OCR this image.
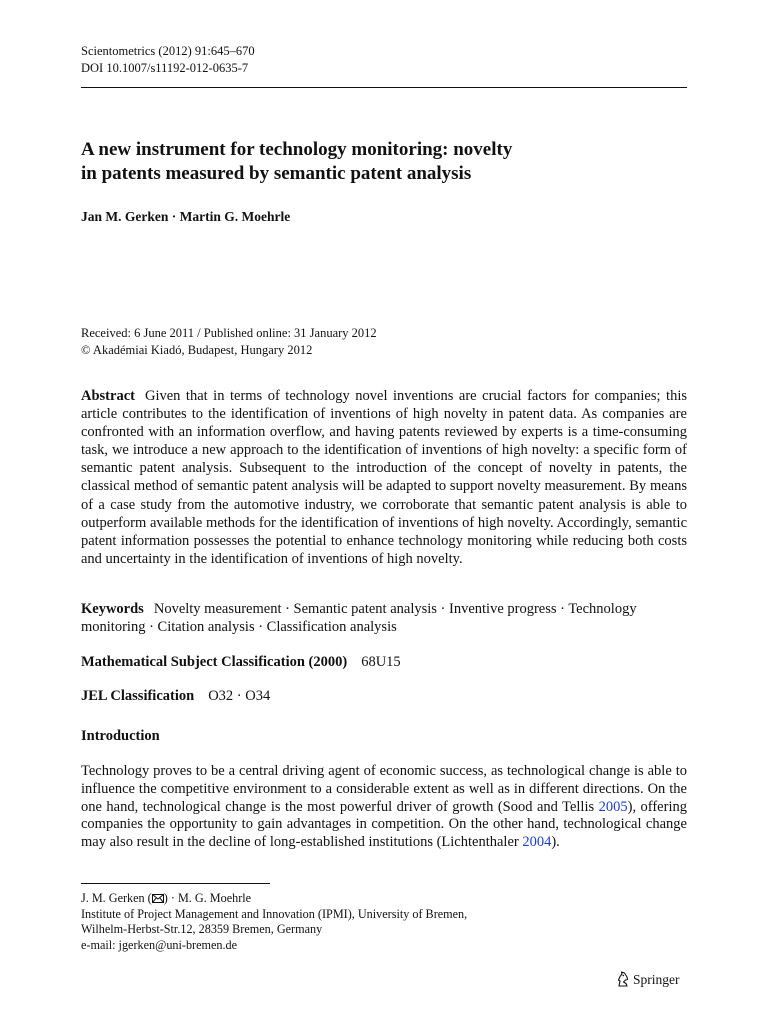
Scientometrics (2012) 91:645–670
DOI 10.1007/s11192-012-0635-7
A new instrument for technology monitoring: novelty
in patents measured by semantic patent analysis
Jan M. Gerken · Martin G. Moehrle
Received: 6 June 2011 / Published online: 31 January 2012
© Akadémiai Kiadó, Budapest, Hungary 2012

Abstract Given that in terms of technology novel inventions are crucial factors for companies; this article contributes to the identification of inventions of high novelty in patent data. As companies are confronted with an information overflow, and having patents reviewed by experts is a time-consuming task, we introduce a new approach to the identification of inventions of high novelty: a specific form of semantic patent analysis. Subsequent to the introduction of the concept of novelty in patents, the classical method of semantic patent analysis will be adapted to support novelty measurement. By means of a case study from the automotive industry, we corroborate that semantic patent analysis is able to outperform available methods for the identification of inventions of high novelty. Accordingly, semantic patent information possesses the potential to enhance technology monitoring while reducing both costs and uncertainty in the identification of inventions of high novelty.

Keywords Novelty measurement · Semantic patent analysis · Inventive progress · Technology monitoring · Citation analysis · Classification analysis

Mathematical Subject Classification (2000) 68U15
JEL Classification O32 · O34
Introduction

Technology proves to be a central driving agent of economic success, as technological change is able to influence the competitive environment to a considerable extent as well as in different directions. On the one hand, technological change is the most powerful driver of growth (Sood and Tellis 2005), offering companies the opportunity to gain advantages in competition. On the other hand, technological change may also result in the decline of long-established institutions (Lichtenthaler 2004).

J. M. Gerken ( ) · M. G. Moehrle
Institute of Project Management and Innovation (IPMI), University of Bremen,
Wilhelm-Herbst-Str.12, 28359 Bremen, Germany
e-mail: jgerken@uni-bremen.de
Springer
